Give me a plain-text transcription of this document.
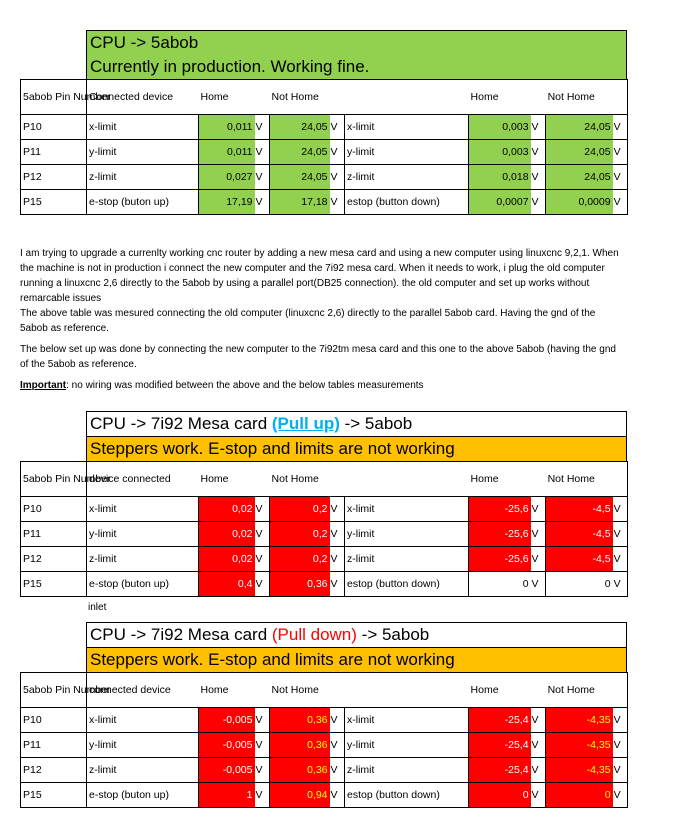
CPU -> 5abob
Currently in production. Working fine.
5abob Pin Number	Connected device	Home		Not Home			Home		Not Home	
P10	x-limit	0,011	V	24,05	V	x-limit	0,003	V	24,05	V
P11	y-limit	0,011	V	24,05	V	y-limit	0,003	V	24,05	V
P12	z-limit	0,027	V	24,05	V	z-limit	0,018	V	24,05	V
P15	e-stop (buton up)	17,19	V	17,18	V	estop (button down)	0,0007	V	0,0009	V

I am trying to upgrade a currenlty working cnc router by adding a new mesa card and using a new computer using linuxcnc 9,2,1. When the machine is not in production i connect the new computer and the 7i92 mesa card. When it needs to work, i plug the old computer running a linuxcnc 2,6 directly to the 5abob by using a parallel port(DB25 connection). the old computer and set up works without remarcable issues

The above table was mesured connecting the old computer (linuxcnc 2,6) directly to the parallel 5abob card. Having the gnd of the 5abob as reference.

The below set up was done by connecting the new computer to the 7i92tm mesa card and this one to the above 5abob (having the gnd of the 5abob as reference.

Important: no wiring was modified between the above and the below tables measurements

CPU -> 7i92 Mesa card (Pull up) -> 5abob
Steppers work. E-stop and limits are not working
5abob Pin Number	device connected	Home		Not Home			Home		Not Home	
P10	x-limit	0,02	V	0,2	V	x-limit	-25,6	V	-4,5	V
P11	y-limit	0,02	V	0,2	V	y-limit	-25,6	V	-4,5	V
P12	z-limit	0,02	V	0,2	V	z-limit	-25,6	V	-4,5	V
P15	e-stop (buton up)	0,4	V	0,36	V	estop (button down)	0	V	0	V
inlet
CPU -> 7i92 Mesa card (Pull down) -> 5abob
Steppers work. E-stop and limits are not working
5abob Pin Number	connected device	Home		Not Home			Home		Not Home	
P10	x-limit	-0,005	V	0,36	V	x-limit	-25,4	V	-4,35	V
P11	y-limit	-0,005	V	0,36	V	y-limit	-25,4	V	-4,35	V
P12	z-limit	-0,005	V	0,36	V	z-limit	-25,4	V	-4,35	V
P15	e-stop (buton up)	1	V	0,94	V	estop (button down)	0	V	0	V
